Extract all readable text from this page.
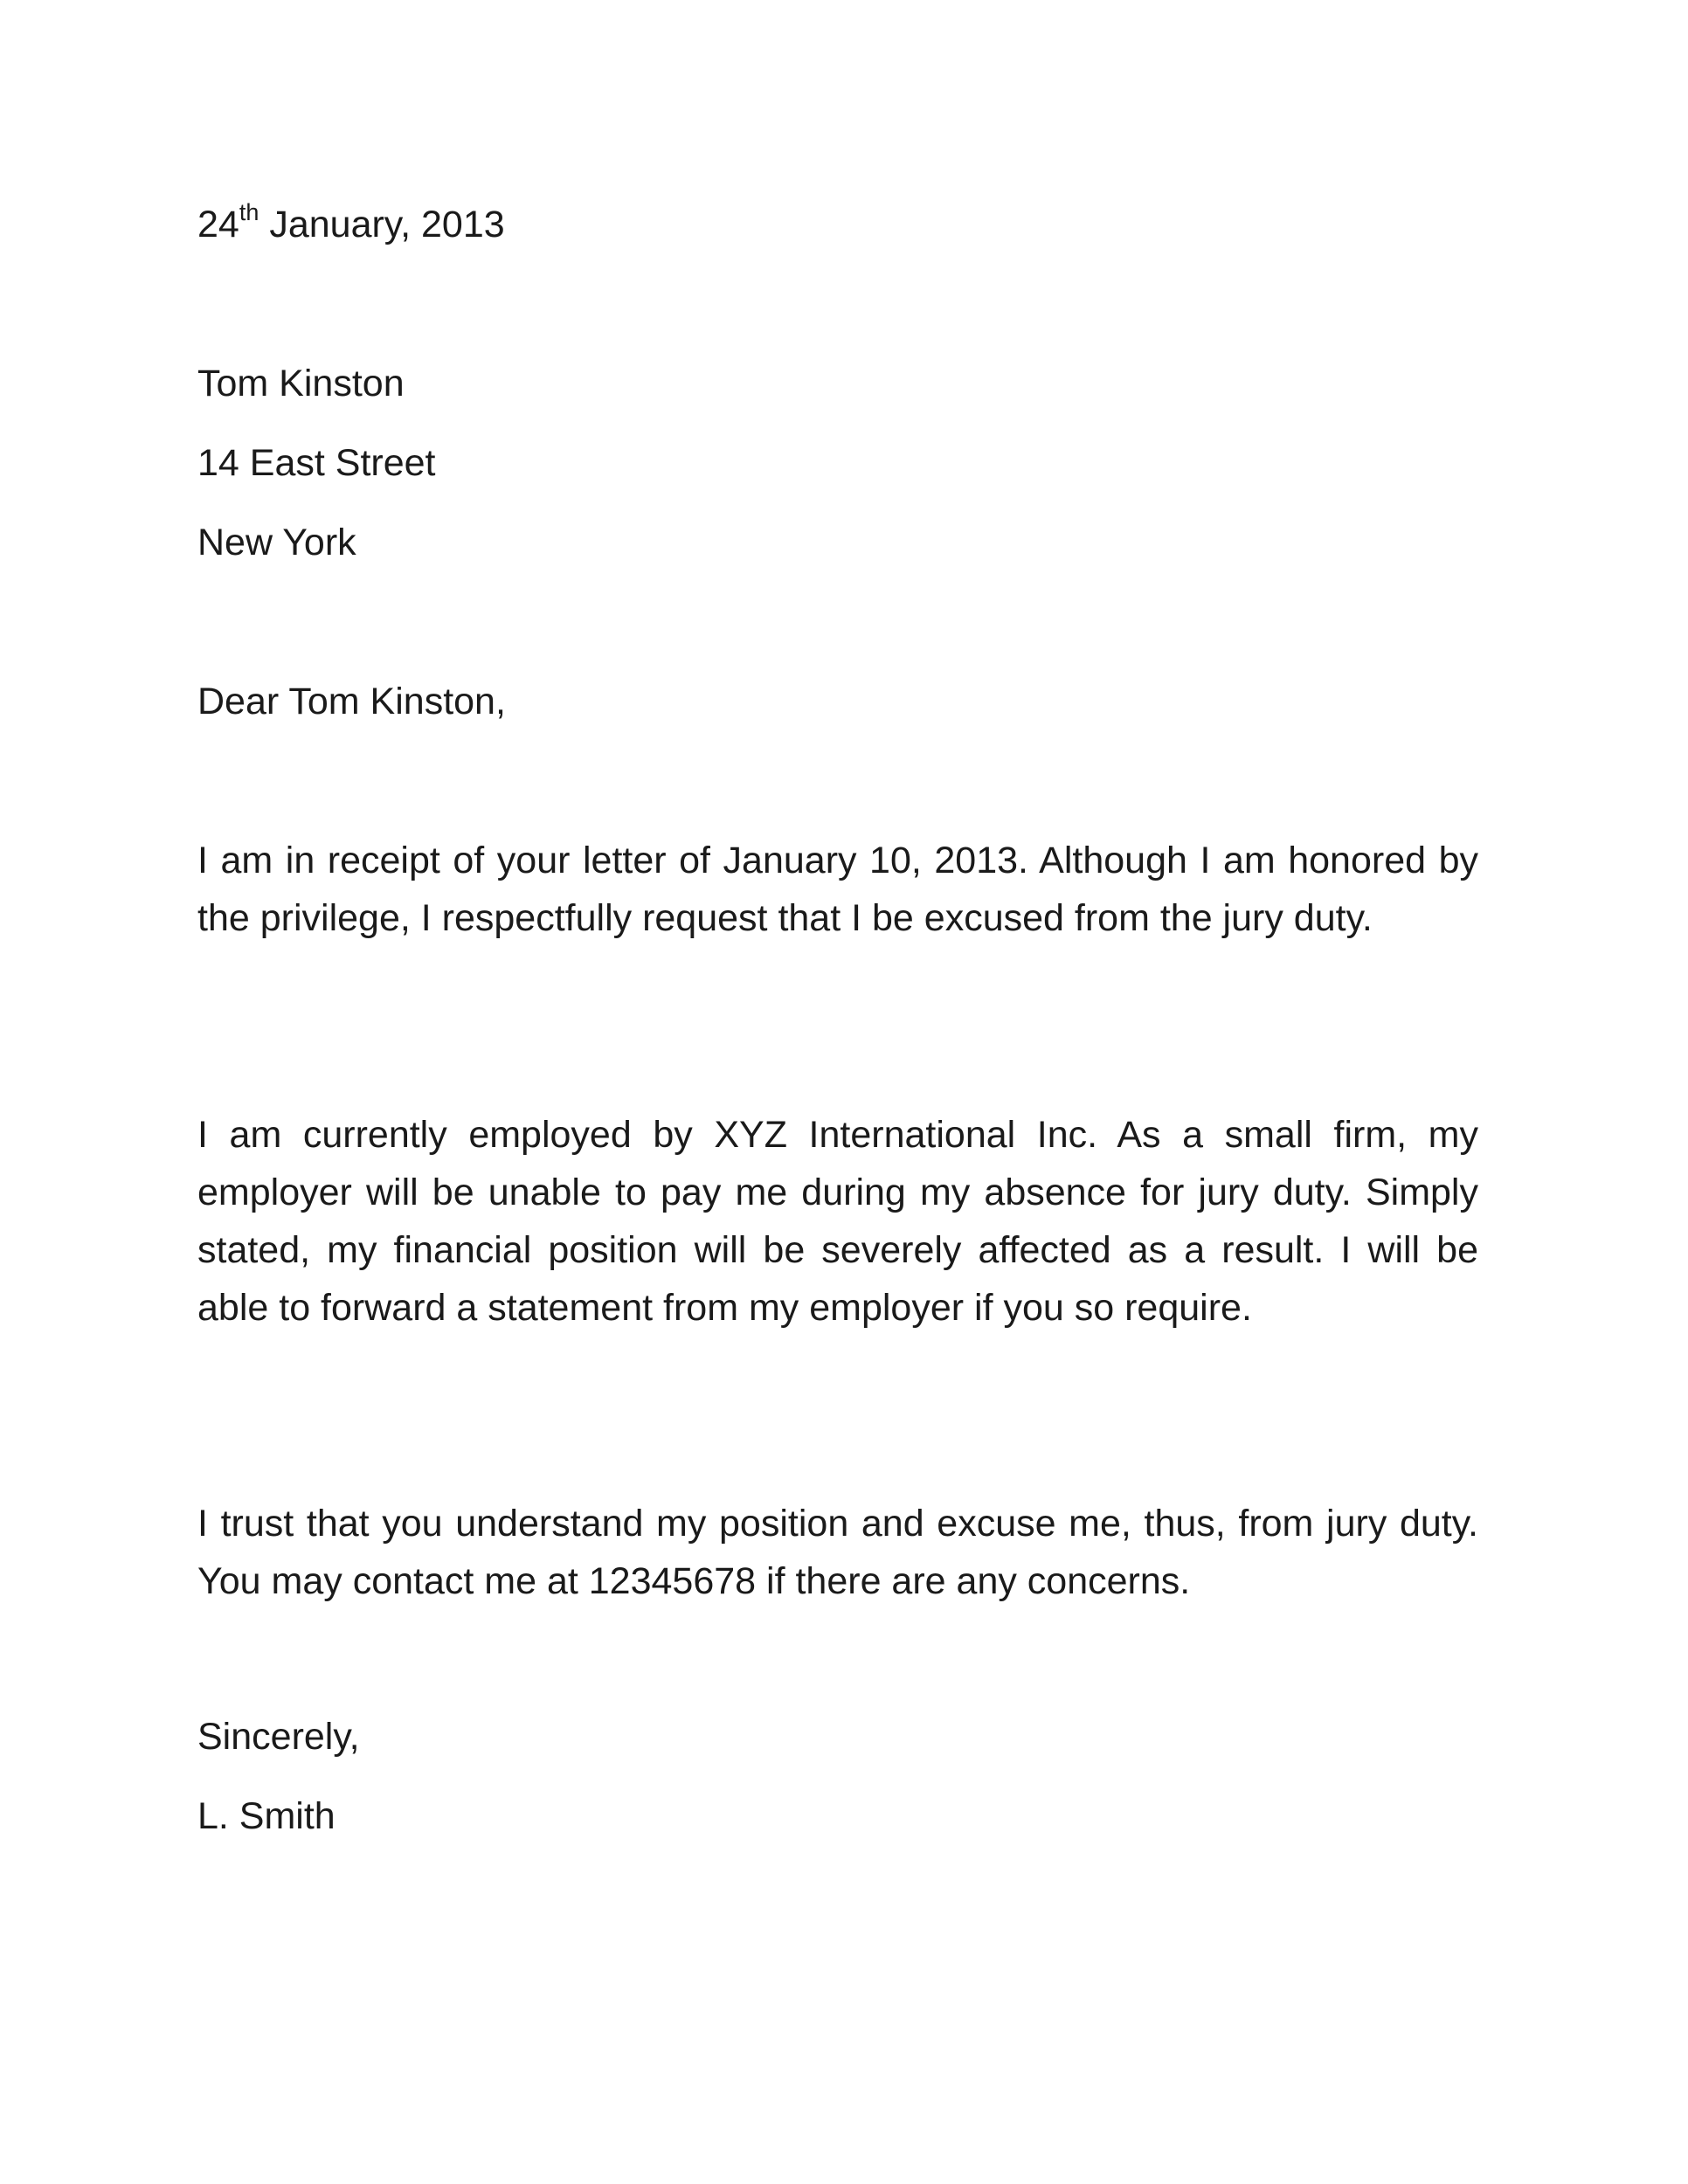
24th January, 2013
Tom Kinston
14 East Street
New York
Dear Tom Kinston,

I am in receipt of your letter of January 10, 2013. Although I am honored by the privilege, I respectfully request that I be excused from the jury duty.

I am currently employed by XYZ International Inc. As a small firm, my employer will be unable to pay me during my absence for jury duty. Simply stated, my financial position will be severely affected as a result. I will be able to forward a statement from my employer if you so require.

I trust that you understand my position and excuse me, thus, from jury duty. You may contact me at 12345678 if there are any concerns.

Sincerely,
L. Smith
